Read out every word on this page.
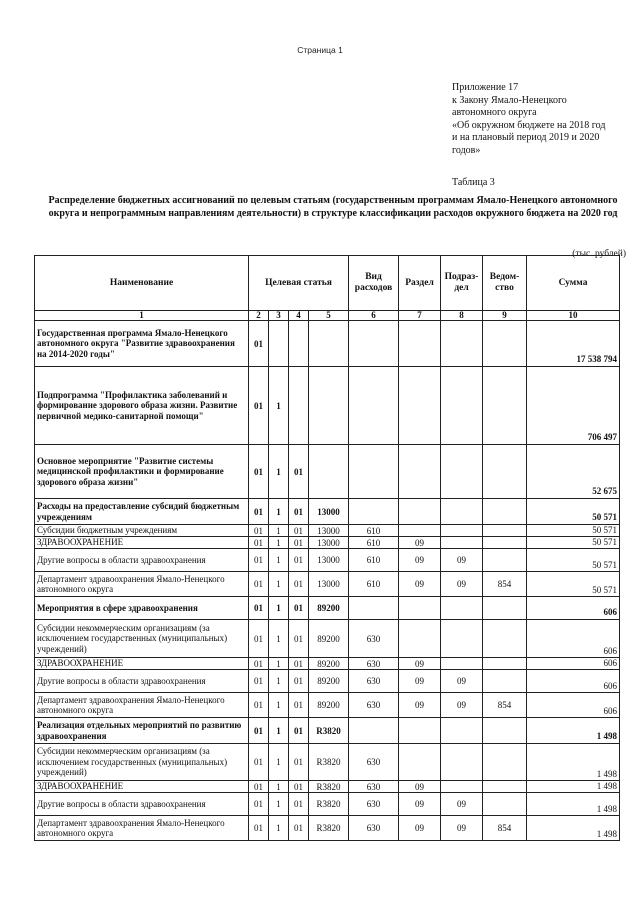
Страница 1
Приложение 17
к Закону Ямало-Ненецкого
автономного округа
«Об окружном бюджете на 2018 год
и на плановый период 2019 и 2020
годов»
Таблица 3
Распределение бюджетных ассигнований по целевым статьям (государственным программам Ямало-Ненецкого автономного округа и непрограммным направлениям деятельности) в структуре классификации расходов окружного бюджета на 2020 год
(тыс. рублей)
Наименование	Целевая статья				Вид расходов	Раздел	Подраз-дел	Ведом-ство	Сумма
1	2	3	4	5	6	7	8	9	10
Государственная программа Ямало-Ненецкого автономного округа "Развитие здравоохранения на 2014-2020 годы"	01								17 538 794
Подпрограмма "Профилактика заболеваний и формирование здорового образа жизни. Развитие первичной медико-санитарной помощи"	01	1							706 497
Основное мероприятие "Развитие системы медицинской профилактики и формирование здорового образа жизни"	01	1	01						52 675
Расходы на предоставление субсидий бюджетным учреждениям	01	1	01	13000					50 571
Субсидии бюджетным учреждениям	01	1	01	13000	610				50 571
ЗДРАВООХРАНЕНИЕ	01	1	01	13000	610	09			50 571
Другие вопросы в области здравоохранения	01	1	01	13000	610	09	09		50 571
Департамент здравоохранения Ямало-Ненецкого автономного округа	01	1	01	13000	610	09	09	854	50 571
Мероприятия в сфере здравоохранения	01	1	01	89200					606
Субсидии некоммерческим организациям (за исключением государственных (муниципальных) учреждений)	01	1	01	89200	630				606
ЗДРАВООХРАНЕНИЕ	01	1	01	89200	630	09			606
Другие вопросы в области здравоохранения	01	1	01	89200	630	09	09		606
Департамент здравоохранения Ямало-Ненецкого автономного округа	01	1	01	89200	630	09	09	854	606
Реализация отдельных мероприятий по развитию здравоохранения	01	1	01	R3820					1 498
Субсидии некоммерческим организациям (за исключением государственных (муниципальных) учреждений)	01	1	01	R3820	630				1 498
ЗДРАВООХРАНЕНИЕ	01	1	01	R3820	630	09			1 498
Другие вопросы в области здравоохранения	01	1	01	R3820	630	09	09		1 498
Департамент здравоохранения Ямало-Ненецкого автономного округа	01	1	01	R3820	630	09	09	854	1 498
